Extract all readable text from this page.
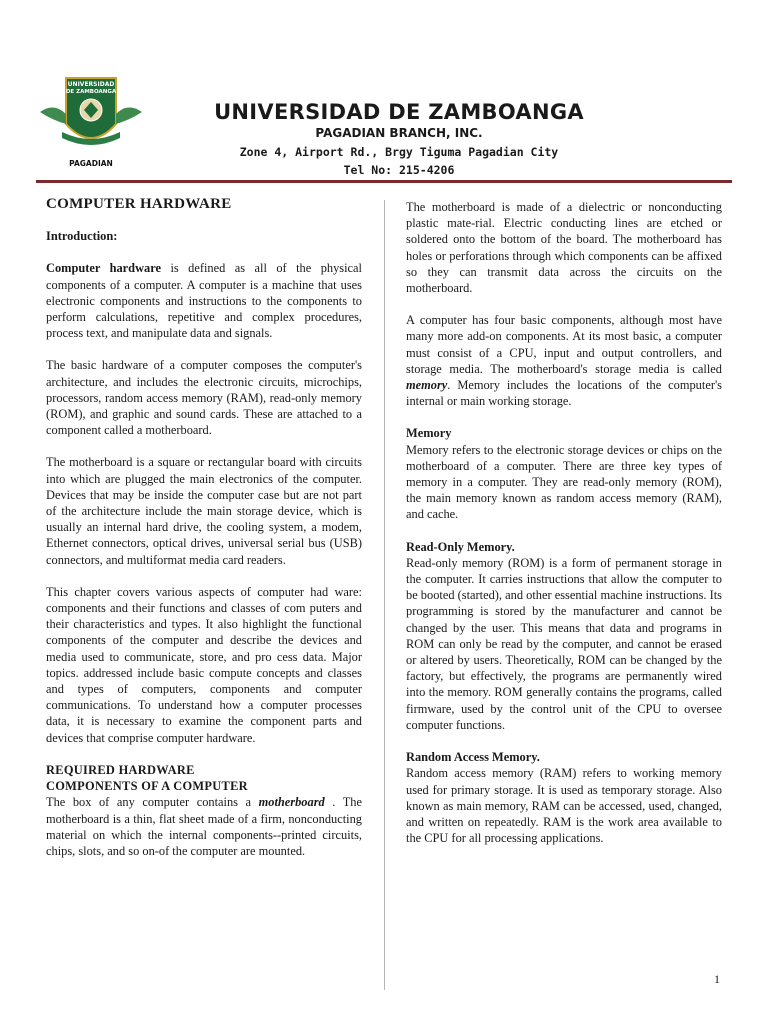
UNIVERSIDAD
DE ZAMBOANGA
PAGADIAN
UNIVERSIDAD DE ZAMBOANGA
PAGADIAN BRANCH, INC.
Zone 4, Airport Rd., Brgy Tiguma Pagadian City
Tel No: 215-4206

COMPUTER HARDWARE

Introduction:

Computer hardware is defined as all of the physical components of a computer. A computer is a machine that uses electronic components and instructions to the components to perform calculations, repetitive and complex procedures, process text, and manipulate data and signals.

The basic hardware of a computer composes the computer's architecture, and includes the electronic circuits, microchips, processors, random access memory (RAM), read-only memory (ROM), and graphic and sound cards. These are attached to a component called a motherboard.

The motherboard is a square or rectangular board with circuits into which are plugged the main electronics of the computer. Devices that may be inside the computer case but are not part of the architecture include the main storage device, which is usually an internal hard drive, the cooling system, a modem, Ethernet connectors, optical drives, universal serial bus (USB) connectors, and multiformat media card readers.

This chapter covers various aspects of computer had ware: components and their functions and classes of com puters and their characteristics and types. It also highlight the functional components of the computer and describe the devices and media used to communicate, store, and pro cess data. Major topics. addressed include basic compute concepts and classes and types of computers, components and computer communications. To understand how a computer processes data, it is necessary to examine the component parts and devices that comprise computer hardware.

REQUIRED HARDWARE

COMPONENTS OF A COMPUTER

The box of any computer contains a motherboard . The motherboard is a thin, flat sheet made of a firm, nonconducting material on which the internal components--printed circuits, chips, slots, and so on-of the computer are mounted.

The motherboard is made of a dielectric or nonconducting plastic mate-rial. Electric conducting lines are etched or soldered onto the bottom of the board. The motherboard has holes or perforations through which components can be affixed so they can transmit data across the circuits on the motherboard.

A computer has four basic components, although most have many more add-on components. At its most basic, a computer must consist of a CPU, input and output controllers, and storage media. The motherboard's storage media is called memory. Memory includes the locations of the computer's internal or main working storage.

Memory

Memory refers to the electronic storage devices or chips on the motherboard of a computer. There are three key types of memory in a computer. They are read-only memory (ROM), the main memory known as random access memory (RAM), and cache.

Read-Only Memory.

Read-only memory (ROM) is a form of permanent storage in the computer. It carries instructions that allow the computer to be booted (started), and other essential machine instructions. Its programming is stored by the manufacturer and cannot be changed by the user. This means that data and programs in ROM can only be read by the computer, and cannot be erased or altered by users. Theoretically, ROM can be changed by the factory, but effectively, the programs are permanently wired into the memory. ROM generally contains the programs, called firmware, used by the control unit of the CPU to oversee computer functions.

Random Access Memory.

Random access memory (RAM) refers to working memory used for primary storage. It is used as temporary storage. Also known as main memory, RAM can be accessed, used, changed, and written on repeatedly. RAM is the work area available to the CPU for all processing applications.

1
